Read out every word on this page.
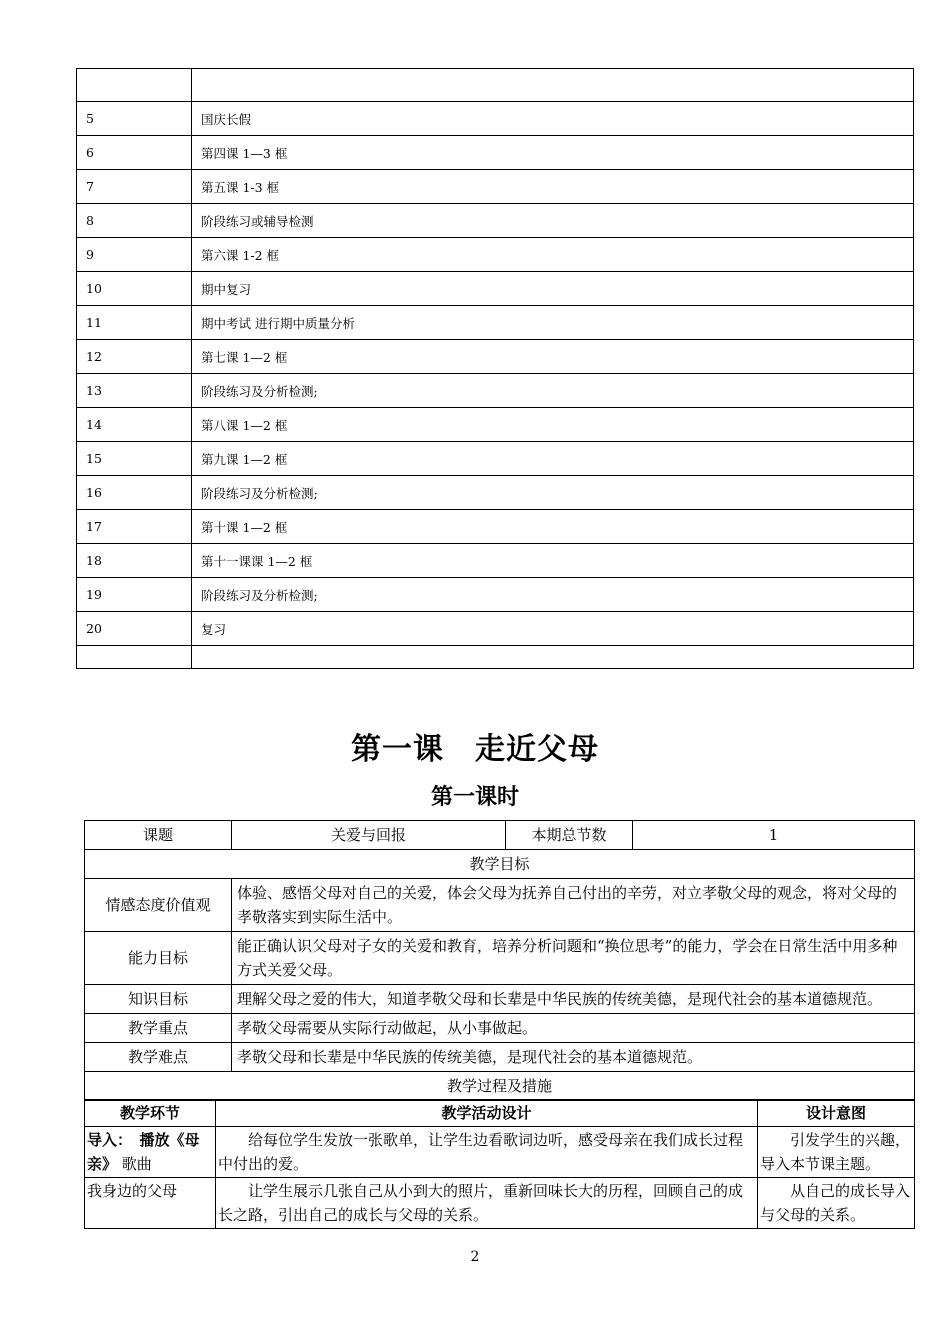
5	国庆长假
6	第四课 1—3 框
7	第五课 1-3 框
8	阶段练习或辅导检测
9	第六课 1-2 框
10	期中复习
11	期中考试 进行期中质量分析
12	第七课 1—2 框
13	阶段练习及分析检测;
14	第八课 1—2 框
15	第九课 1—2 框
16	阶段练习及分析检测;
17	第十课 1—2 框
18	第十一课课 1—2 框
19	阶段练习及分析检测;
20	复习

第一课　走近父母
第一课时
课题	关爱与回报	本期总节数	1
教学目标			
情感态度价值观	体验、感悟父母对自己的关爱，体会父母为抚养自己付出的辛劳，对立孝敬父母的观念，将对父母的孝敬落实到实际生活中。		
能力目标	能正确认识父母对子女的关爱和教育，培养分析问题和“换位思考”的能力，学会在日常生活中用多种方式关爱父母。		
知识目标	理解父母之爱的伟大，知道孝敬父母和长辈是中华民族的传统美德，是现代社会的基本道德规范。		
教学重点	孝敬父母需要从实际行动做起，从小事做起。		
教学难点	孝敬父母和长辈是中华民族的传统美德，是现代社会的基本道德规范。		
教学过程及措施			
教学环节	教学活动设计	设计意图
导入：　播放《母亲》 歌曲	给每位学生发放一张歌单，让学生边看歌词边听，感受母亲在我们成长过程中付出的爱。	引发学生的兴趣，导入本节课主题。
我身边的父母	让学生展示几张自己从小到大的照片，重新回味长大的历程，回顾自己的成长之路，引出自己的成长与父母的关系。	从自己的成长导入与父母的关系。
2
